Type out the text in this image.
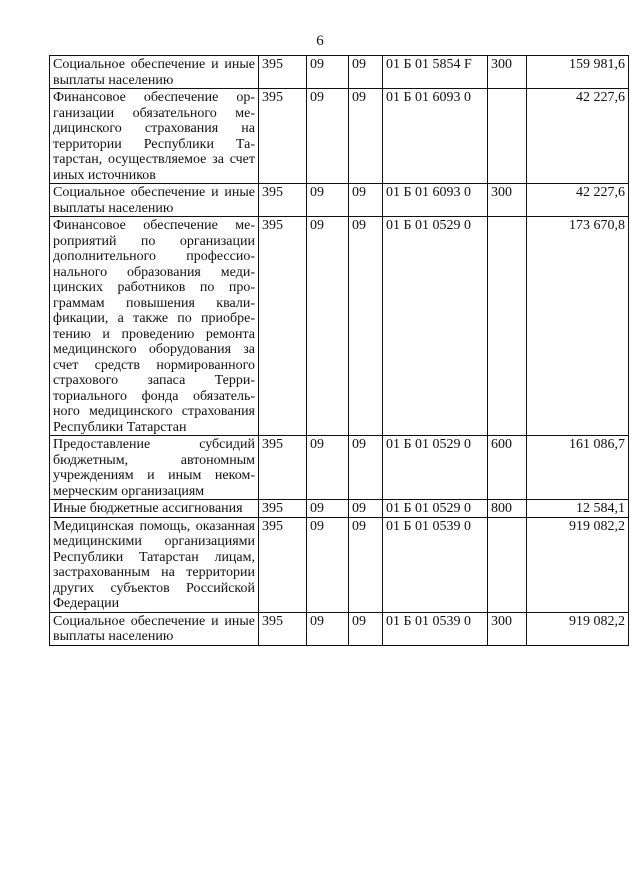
6
Социальное обеспечение и иные выплаты населению	395	09	09	01 Б 01 5854 F	300	159 981,6
Финансовое обеспечение организации обязательного медицинского страхования на территории Республики Татарстан, осуществляемое за счет иных источников	395	09	09	01 Б 01 6093 0		42 227,6
Социальное обеспечение и иные выплаты населению	395	09	09	01 Б 01 6093 0	300	42 227,6
Финансовое обеспечение мероприятий по организации дополнительного профессионального образования медицинских работников по программам повышения квалификации, а также по приобретению и проведению ремонта медицинского оборудования за счет средств нормированного страхового запаса Территориального фонда обязательного медицинского страхования Республики Татарстан	395	09	09	01 Б 01 0529 0		173 670,8
Предоставление субсидий бюджетным, автономным учреждениям и иным некоммерческим организациям	395	09	09	01 Б 01 0529 0	600	161 086,7
Иные бюджетные ассигнования	395	09	09	01 Б 01 0529 0	800	12 584,1
Медицинская помощь, оказанная медицинскими организациями Республики Татарстан лицам, застрахованным на территории других субъектов Российской Федерации	395	09	09	01 Б 01 0539 0		919 082,2
Социальное обеспечение и иные выплаты населению	395	09	09	01 Б 01 0539 0	300	919 082,2
